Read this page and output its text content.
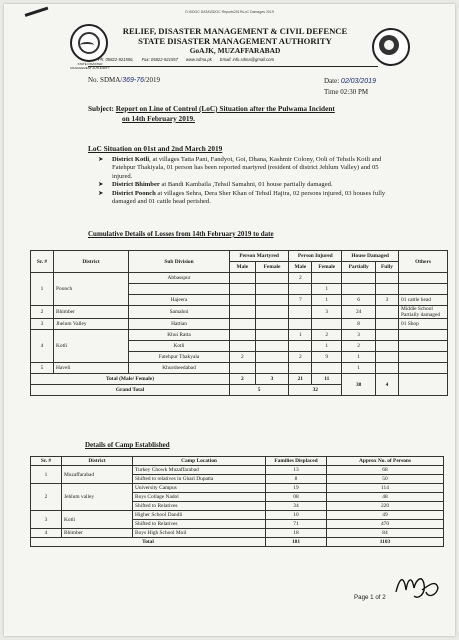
D:\SDOC DATA\SDOC Reports2019\LoC Damages 2019
STATE DISASTER MANAGEMENT AUTHORITY
RELIEF, DISASTER MANAGEMENT & CIVIL DEFENCE
STATE DISASTER MANAGEMENT AUTHORITY
GoAJK, MUZAFFARABAD
Ph: 05822-921556, Fax: 05822-921557 www.sdma.pk Email: info.sdma@gmail.com
No. SDMA/369-76/2019	Date: 02/03/2019
Time 02:30 PM
Subject: Report on Line of Control (LoC) Situation after the Pulwama Incident
on 14th February 2019.
LoC Situation on 01st and 2nd March 2019
➤ District Kotli, at villages Tatta Pani, Fandyot, Goi, Dhana, Kashmir Colony, Ooli of Tehsils Kotli and Fatehpur Thakiyala, 01 person has been reported martyred (resident of district Jehlum Valley) and 05 injured.
➤ District Bhimber at Bandi Kambaila ,Tehsil Samahni, 01 house partially damaged.
➤ District Poonch at villages Sehra, Dera Sher Khan of Tehsil Hajira, 02 persons injured, 03 houses fully damaged and 01 cattle head perished.
Cumulative Details of Losses from 14th February 2019 to date
Sr. #	District	Sub Division	Person Martyred		Person Injured		House Damaged		Others
			Male	Female	Male	Female	Partially	Fully	
1	Poonch	Abbasspur			2				
						1			
		Hajeera			7	1	6	3	01 cattle head
2	Bhimber	Samahni				3	24		Middle School Partially damaged
3	Jhelum Valley	Hattian					8		01 Shop
4	Kotli	Khui Ratta			1	2	3		
		Kotli				1	2		
		Fatehpur Thakyala	2		2	9	1		
5	Haveli	Khursheedabad					1		
Total (Male/ Female)			2	3	21	11	38	4	
Grand Total			5		32				
Details of Camp Established
Sr. #	District	Camp Location	Families Displaced	Approx No. of Persons
1	Muzaffarabad	Turkey Chowk Muzaffarabad	13	68
		Shifted to relatives in Ghari Dupatta	8	50
2	Jehlum valley	University Campus	19	114
		Boys Collage Nadol	08	48
		Shifted to Relatives	34	220
3	Kotli	Higher School Dandli	10	49
		Shifted to Relatives	71	470
4	Bhimber	Boys High School Moil	18	84
Total			181	1103
Page 1 of 2
